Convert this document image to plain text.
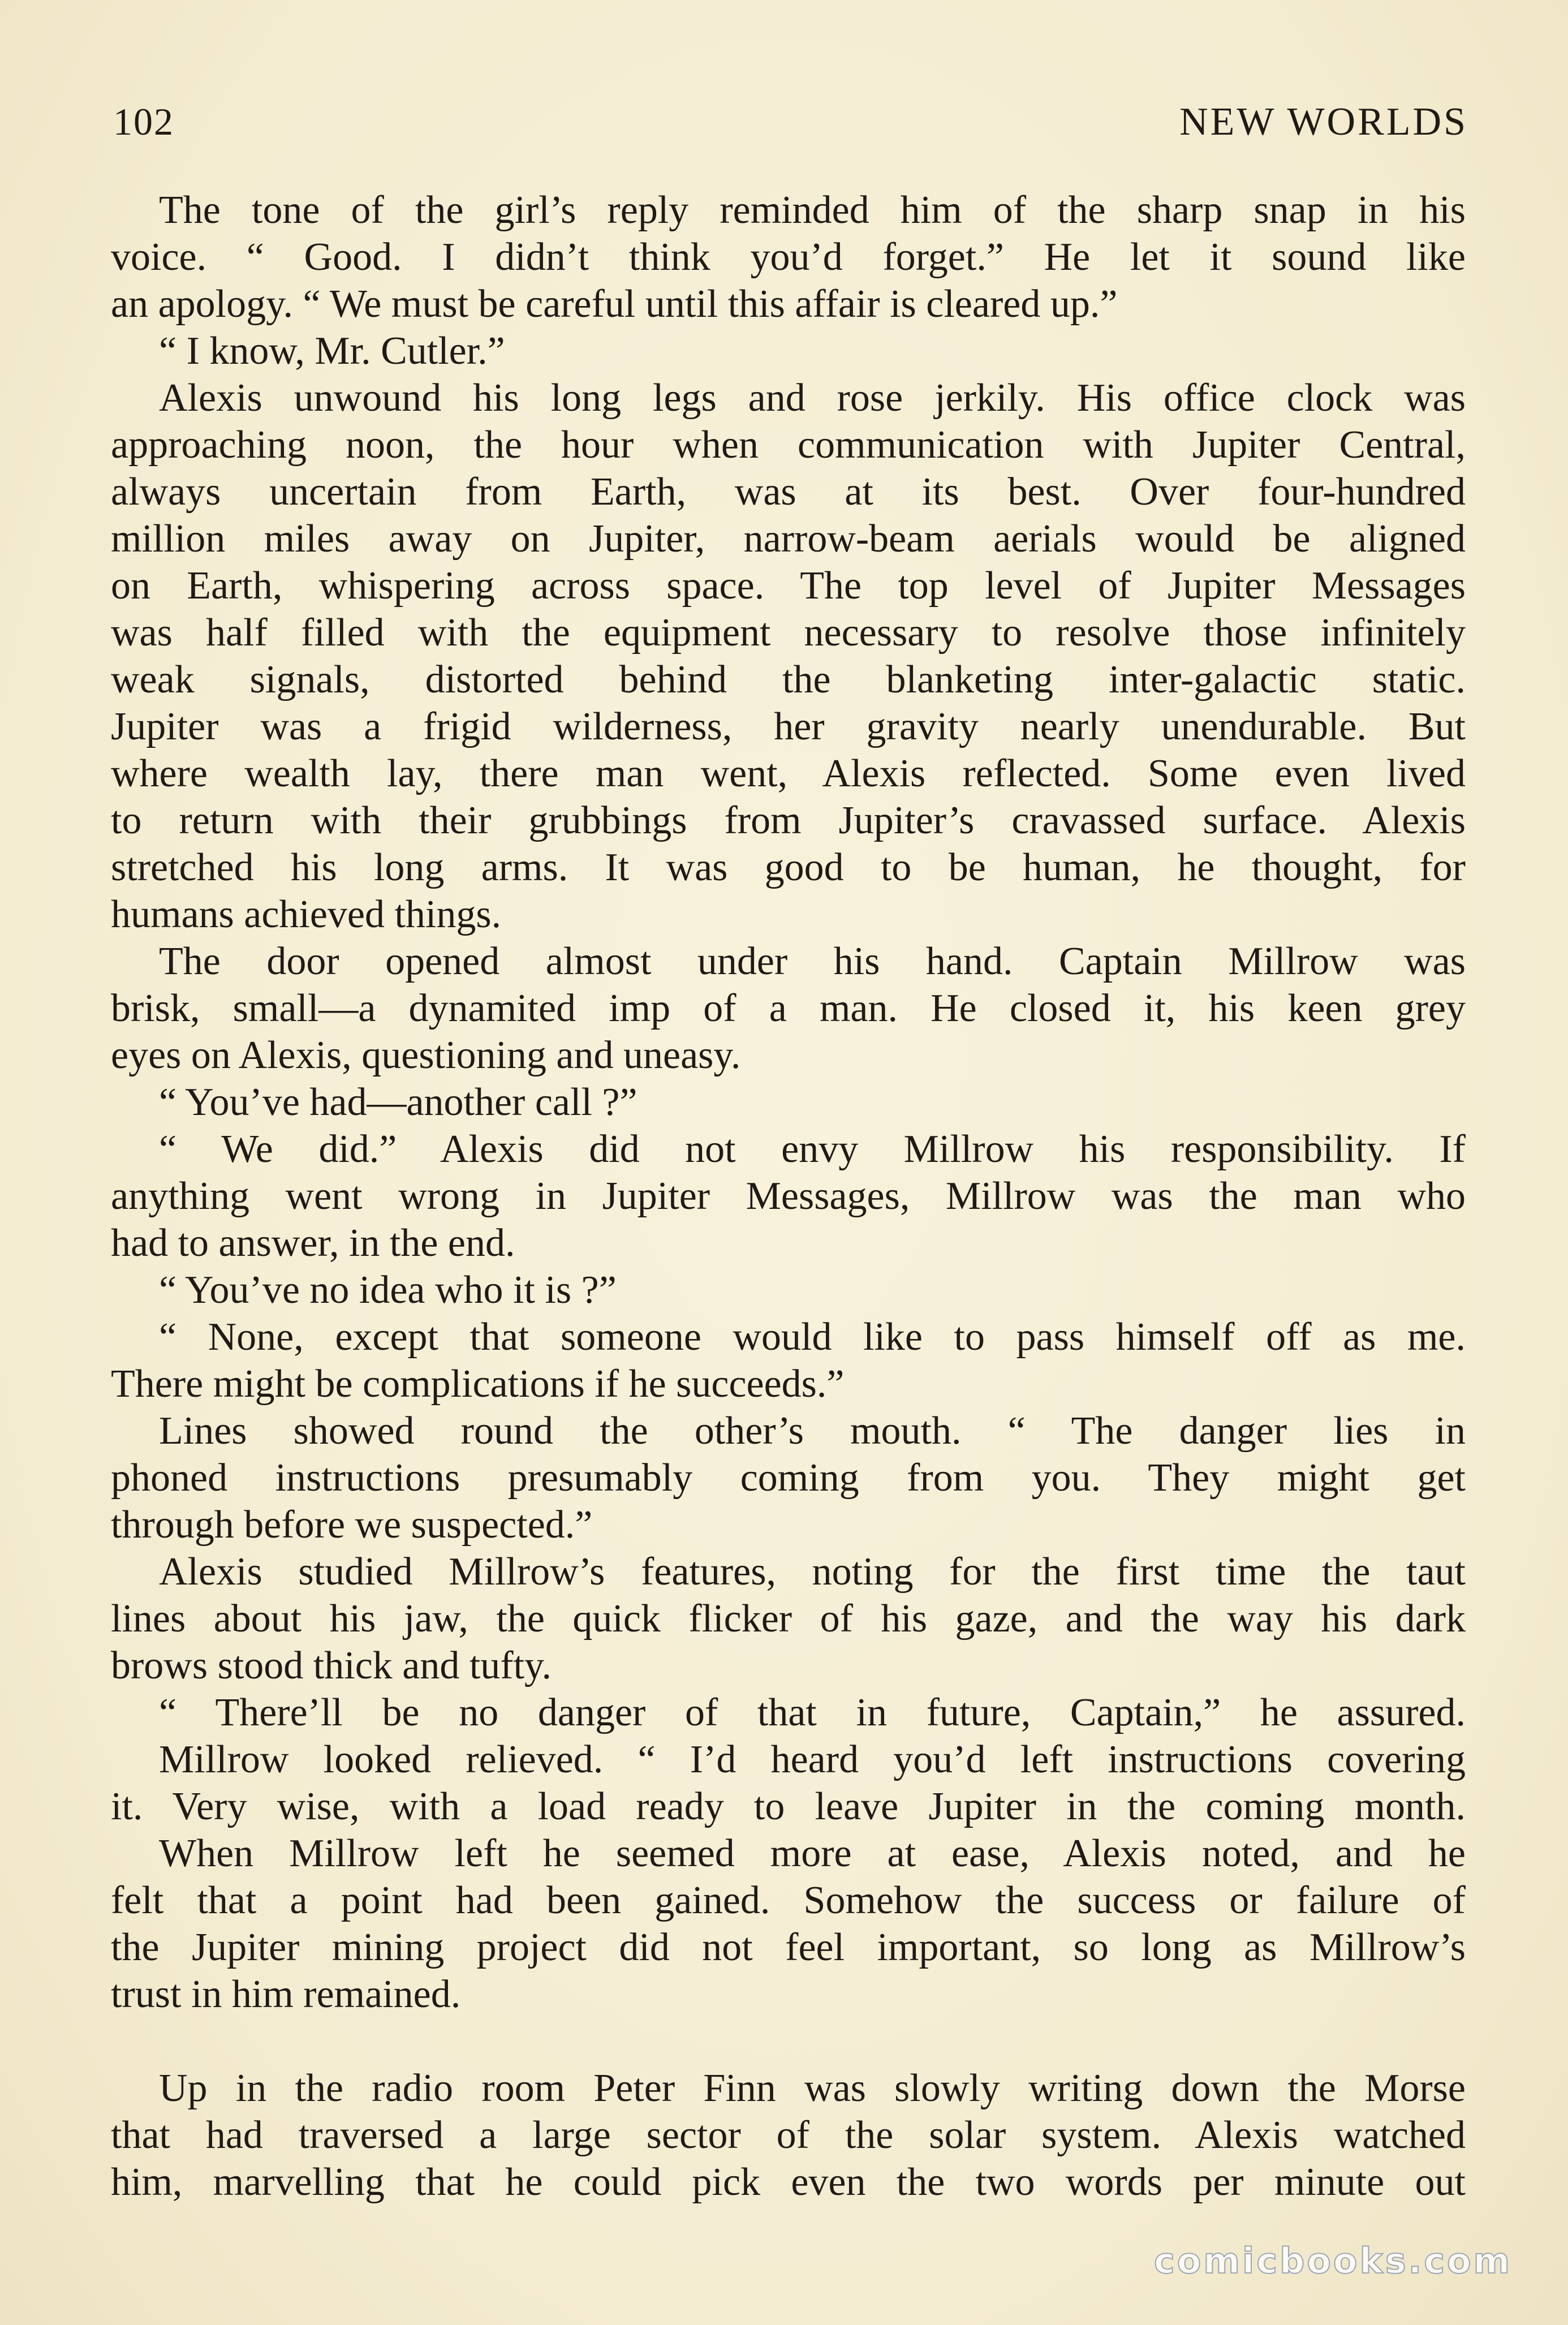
102	NEW WORLDS
The tone of the girl’s reply reminded him of the sharp snap in his
voice. “ Good. I didn’t think you’d forget.” He let it sound like
an apology. “ We must be careful until this affair is cleared up.”
“ I know, Mr. Cutler.”
Alexis unwound his long legs and rose jerkily. His office clock was
approaching noon, the hour when communication with Jupiter Central,
always uncertain from Earth, was at its best. Over four-hundred
million miles away on Jupiter, narrow-beam aerials would be aligned
on Earth, whispering across space. The top level of Jupiter Messages
was half filled with the equipment necessary to resolve those infinitely
weak signals, distorted behind the blanketing inter-galactic static.
Jupiter was a frigid wilderness, her gravity nearly unendurable. But
where wealth lay, there man went, Alexis reflected. Some even lived
to return with their grubbings from Jupiter’s cravassed surface. Alexis
stretched his long arms. It was good to be human, he thought, for
humans achieved things.
The door opened almost under his hand. Captain Millrow was
brisk, small—a dynamited imp of a man. He closed it, his keen grey
eyes on Alexis, questioning and uneasy.
“ You’ve had—another call ?”
“ We did.” Alexis did not envy Millrow his responsibility. If
anything went wrong in Jupiter Messages, Millrow was the man who
had to answer, in the end.
“ You’ve no idea who it is ?”
“ None, except that someone would like to pass himself off as me.
There might be complications if he succeeds.”
Lines showed round the other’s mouth. “ The danger lies in
phoned instructions presumably coming from you. They might get
through before we suspected.”
Alexis studied Millrow’s features, noting for the first time the taut
lines about his jaw, the quick flicker of his gaze, and the way his dark
brows stood thick and tufty.
“ There’ll be no danger of that in future, Captain,” he assured.
Millrow looked relieved. “ I’d heard you’d left instructions covering
it. Very wise, with a load ready to leave Jupiter in the coming month.
When Millrow left he seemed more at ease, Alexis noted, and he
felt that a point had been gained. Somehow the success or failure of
the Jupiter mining project did not feel important, so long as Millrow’s
trust in him remained.
Up in the radio room Peter Finn was slowly writing down the Morse
that had traversed a large sector of the solar system. Alexis watched
him, marvelling that he could pick even the two words per minute out
comicbooks.com
